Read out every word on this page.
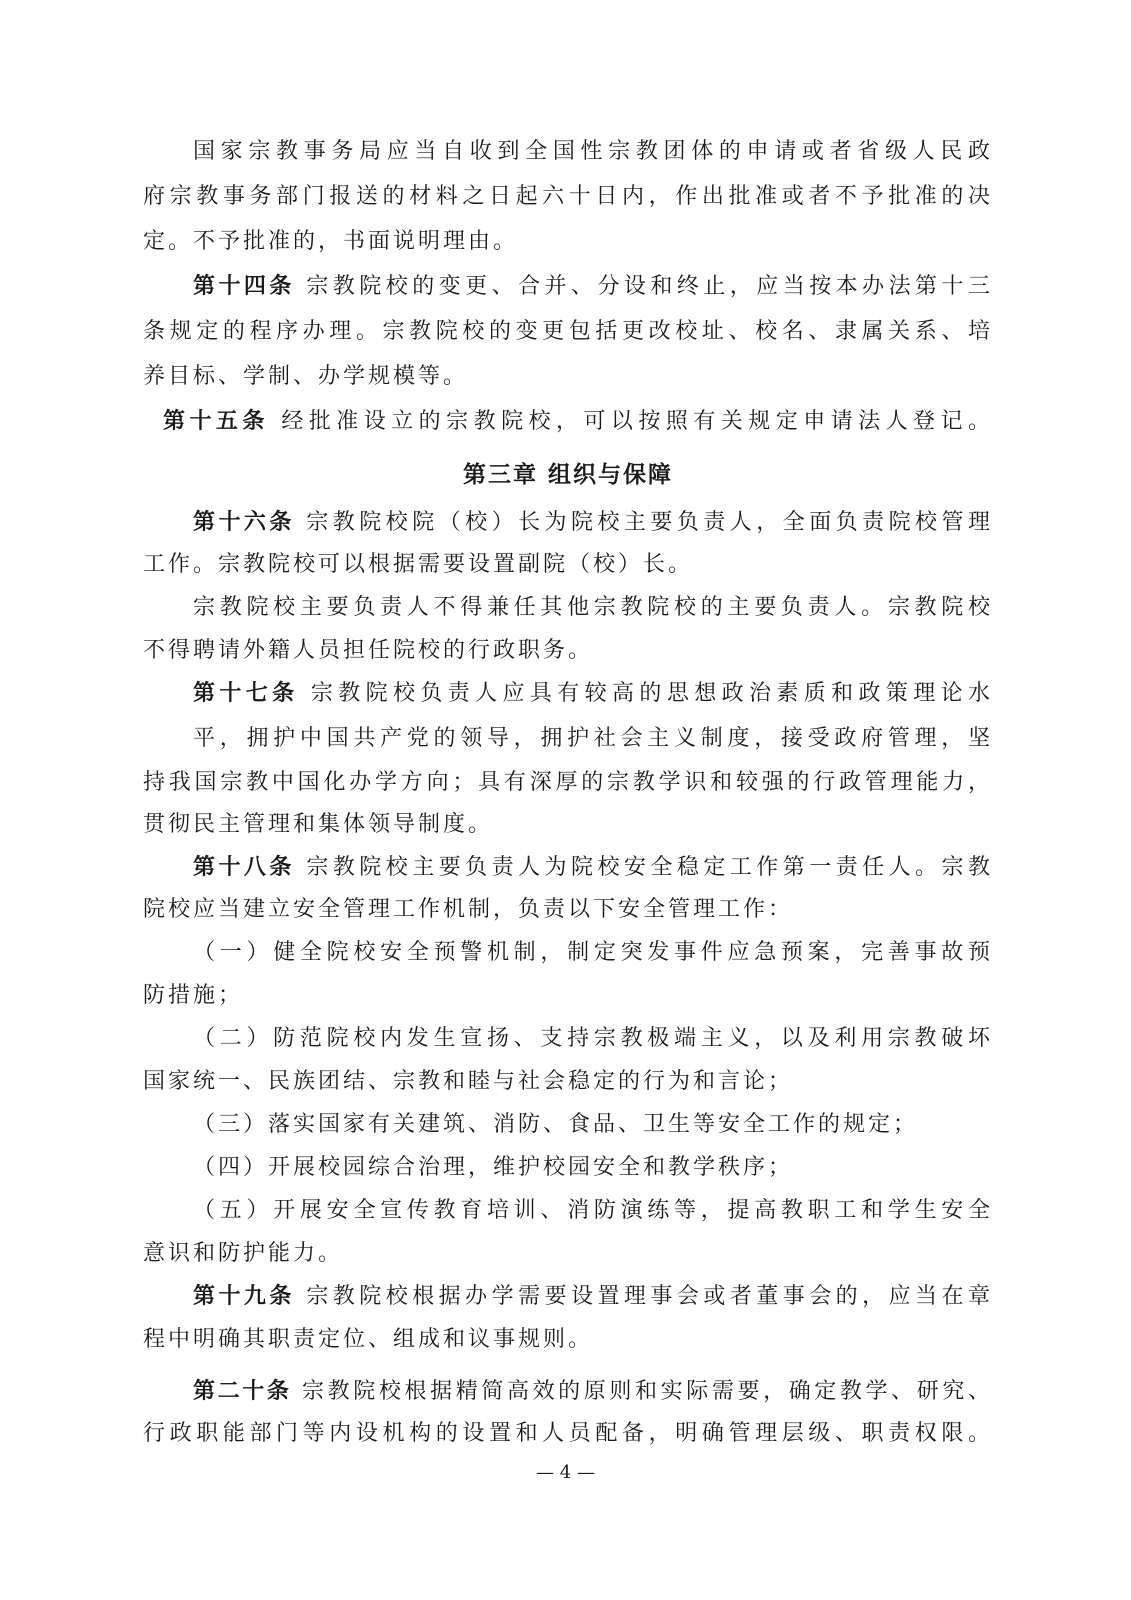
国家宗教事务局应当自收到全国性宗教团体的申请或者省级人民政
府宗教事务部门报送的材料之日起六十日内，作出批准或者不予批准的决
定。不予批准的，书面说明理由。
第十四条 宗教院校的变更、合并、分设和终止，应当按本办法第十三
条规定的程序办理。宗教院校的变更包括更改校址、校名、隶属关系、培
养目标、学制、办学规模等。
第十五条 经批准设立的宗教院校，可以按照有关规定申请法人登记。
第三章 组织与保障
第十六条 宗教院校院（校）长为院校主要负责人，全面负责院校管理
工作。宗教院校可以根据需要设置副院（校）长。
宗教院校主要负责人不得兼任其他宗教院校的主要负责人。宗教院校
不得聘请外籍人员担任院校的行政职务。
第十七条 宗教院校负责人应具有较高的思想政治素质和政策理论水
平，拥护中国共产党的领导，拥护社会主义制度，接受政府管理，坚
持我国宗教中国化办学方向；具有深厚的宗教学识和较强的行政管理能力，
贯彻民主管理和集体领导制度。
第十八条 宗教院校主要负责人为院校安全稳定工作第一责任人。宗教
院校应当建立安全管理工作机制，负责以下安全管理工作：
（一）健全院校安全预警机制，制定突发事件应急预案，完善事故预
防措施；
（二）防范院校内发生宣扬、支持宗教极端主义，以及利用宗教破坏
国家统一、民族团结、宗教和睦与社会稳定的行为和言论；
（三）落实国家有关建筑、消防、食品、卫生等安全工作的规定；
（四）开展校园综合治理，维护校园安全和教学秩序；
（五）开展安全宣传教育培训、消防演练等，提高教职工和学生安全
意识和防护能力。
第十九条 宗教院校根据办学需要设置理事会或者董事会的，应当在章
程中明确其职责定位、组成和议事规则。
第二十条 宗教院校根据精简高效的原则和实际需要，确定教学、研究、
行政职能部门等内设机构的设置和人员配备，明确管理层级、职责权限。
— 4 —
